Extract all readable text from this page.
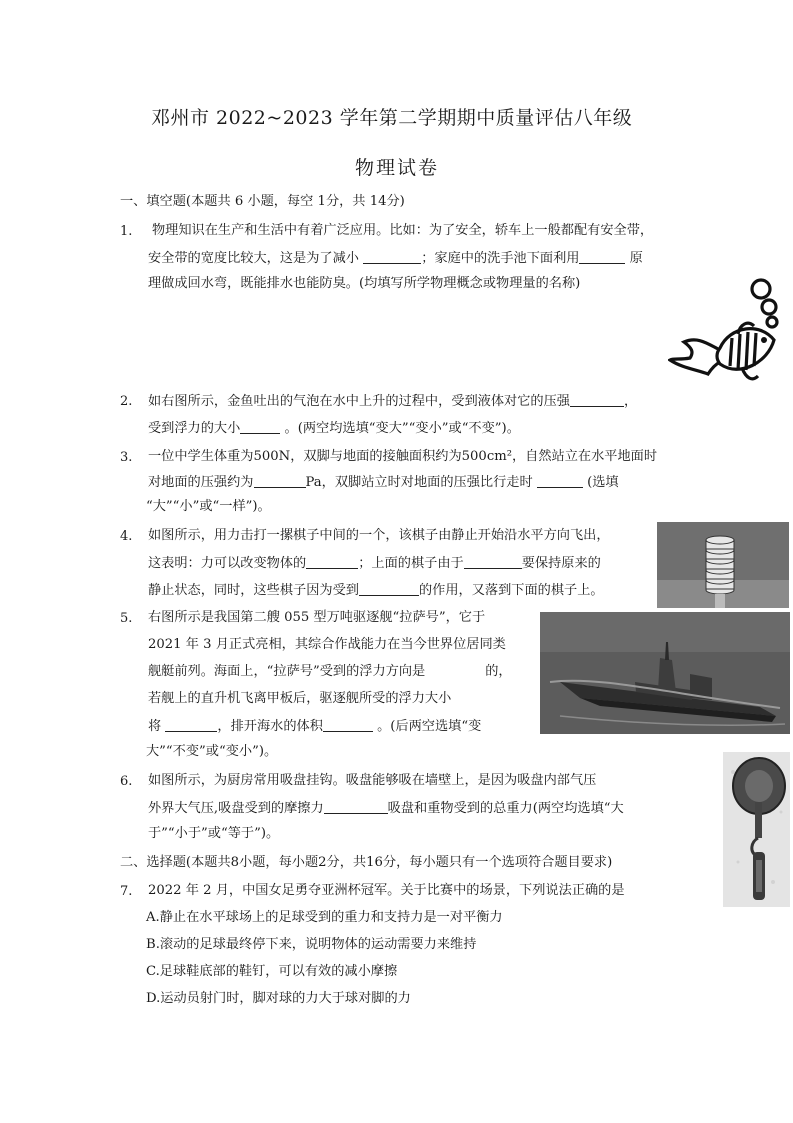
邓州市 2022~2023 学年第二学期期中质量评估八年级
物理试卷
一、填空题(本题共 6 小题，每空 1分，共 14分)
1. 物理知识在生产和生活中有着广泛应用。比如：为了安全，轿车上一般都配有安全带，
安全带的宽度比较大，这是为了减小	；家庭中的洗手池下面利用	原
理做成回水弯，既能排水也能防臭。(均填写所学物理概念或物理量的名称)
2. 如右图所示，金鱼吐出的气泡在水中上升的过程中，受到液体对它的压强	，
受到浮力的大小	。(两空均选填“变大”“变小”或“不变”)。
3. 一位中学生体重为500N，双脚与地面的接触面积约为500cm²，自然站立在水平地面时
对地面的压强约为	Pa，双脚站立时对地面的压强比行走时	(选填
“大”“小”或“一样”)。
4. 如图所示，用力击打一摞棋子中间的一个，该棋子由静止开始沿水平方向飞出，
这表明：力可以改变物体的	；上面的棋子由于	要保持原来的
静止状态，同时，这些棋子因为受到	的作用，又落到下面的棋子上。
5. 右图所示是我国第二艘 055 型万吨驱逐舰“拉萨号”，它于
2021 年 3 月正式亮相，其综合作战能力在当今世界位居同类
舰艇前列。海面上，“拉萨号”受到的浮力方向是	的，
若舰上的直升机飞离甲板后，驱逐舰所受的浮力大小
将	，排开海水的体积	。(后两空选填“变
大”“不变”或“变小”)。
6. 如图所示，为厨房常用吸盘挂钩。吸盘能够吸在墙壁上，是因为吸盘内部气压
外界大气压,吸盘受到的摩擦力	吸盘和重物受到的总重力(两空均选填“大
于”“小于”或“等于”)。
二、选择题(本题共8小题，每小题2分，共16分，每小题只有一个选项符合题目要求)
7. 2022 年 2 月，中国女足勇夺亚洲杯冠军。关于比赛中的场景，下列说法正确的是
A.静止在水平球场上的足球受到的重力和支持力是一对平衡力
B.滚动的足球最终停下来，说明物体的运动需要力来维持
C.足球鞋底部的鞋钉，可以有效的减小摩擦
D.运动员射门时，脚对球的力大于球对脚的力
